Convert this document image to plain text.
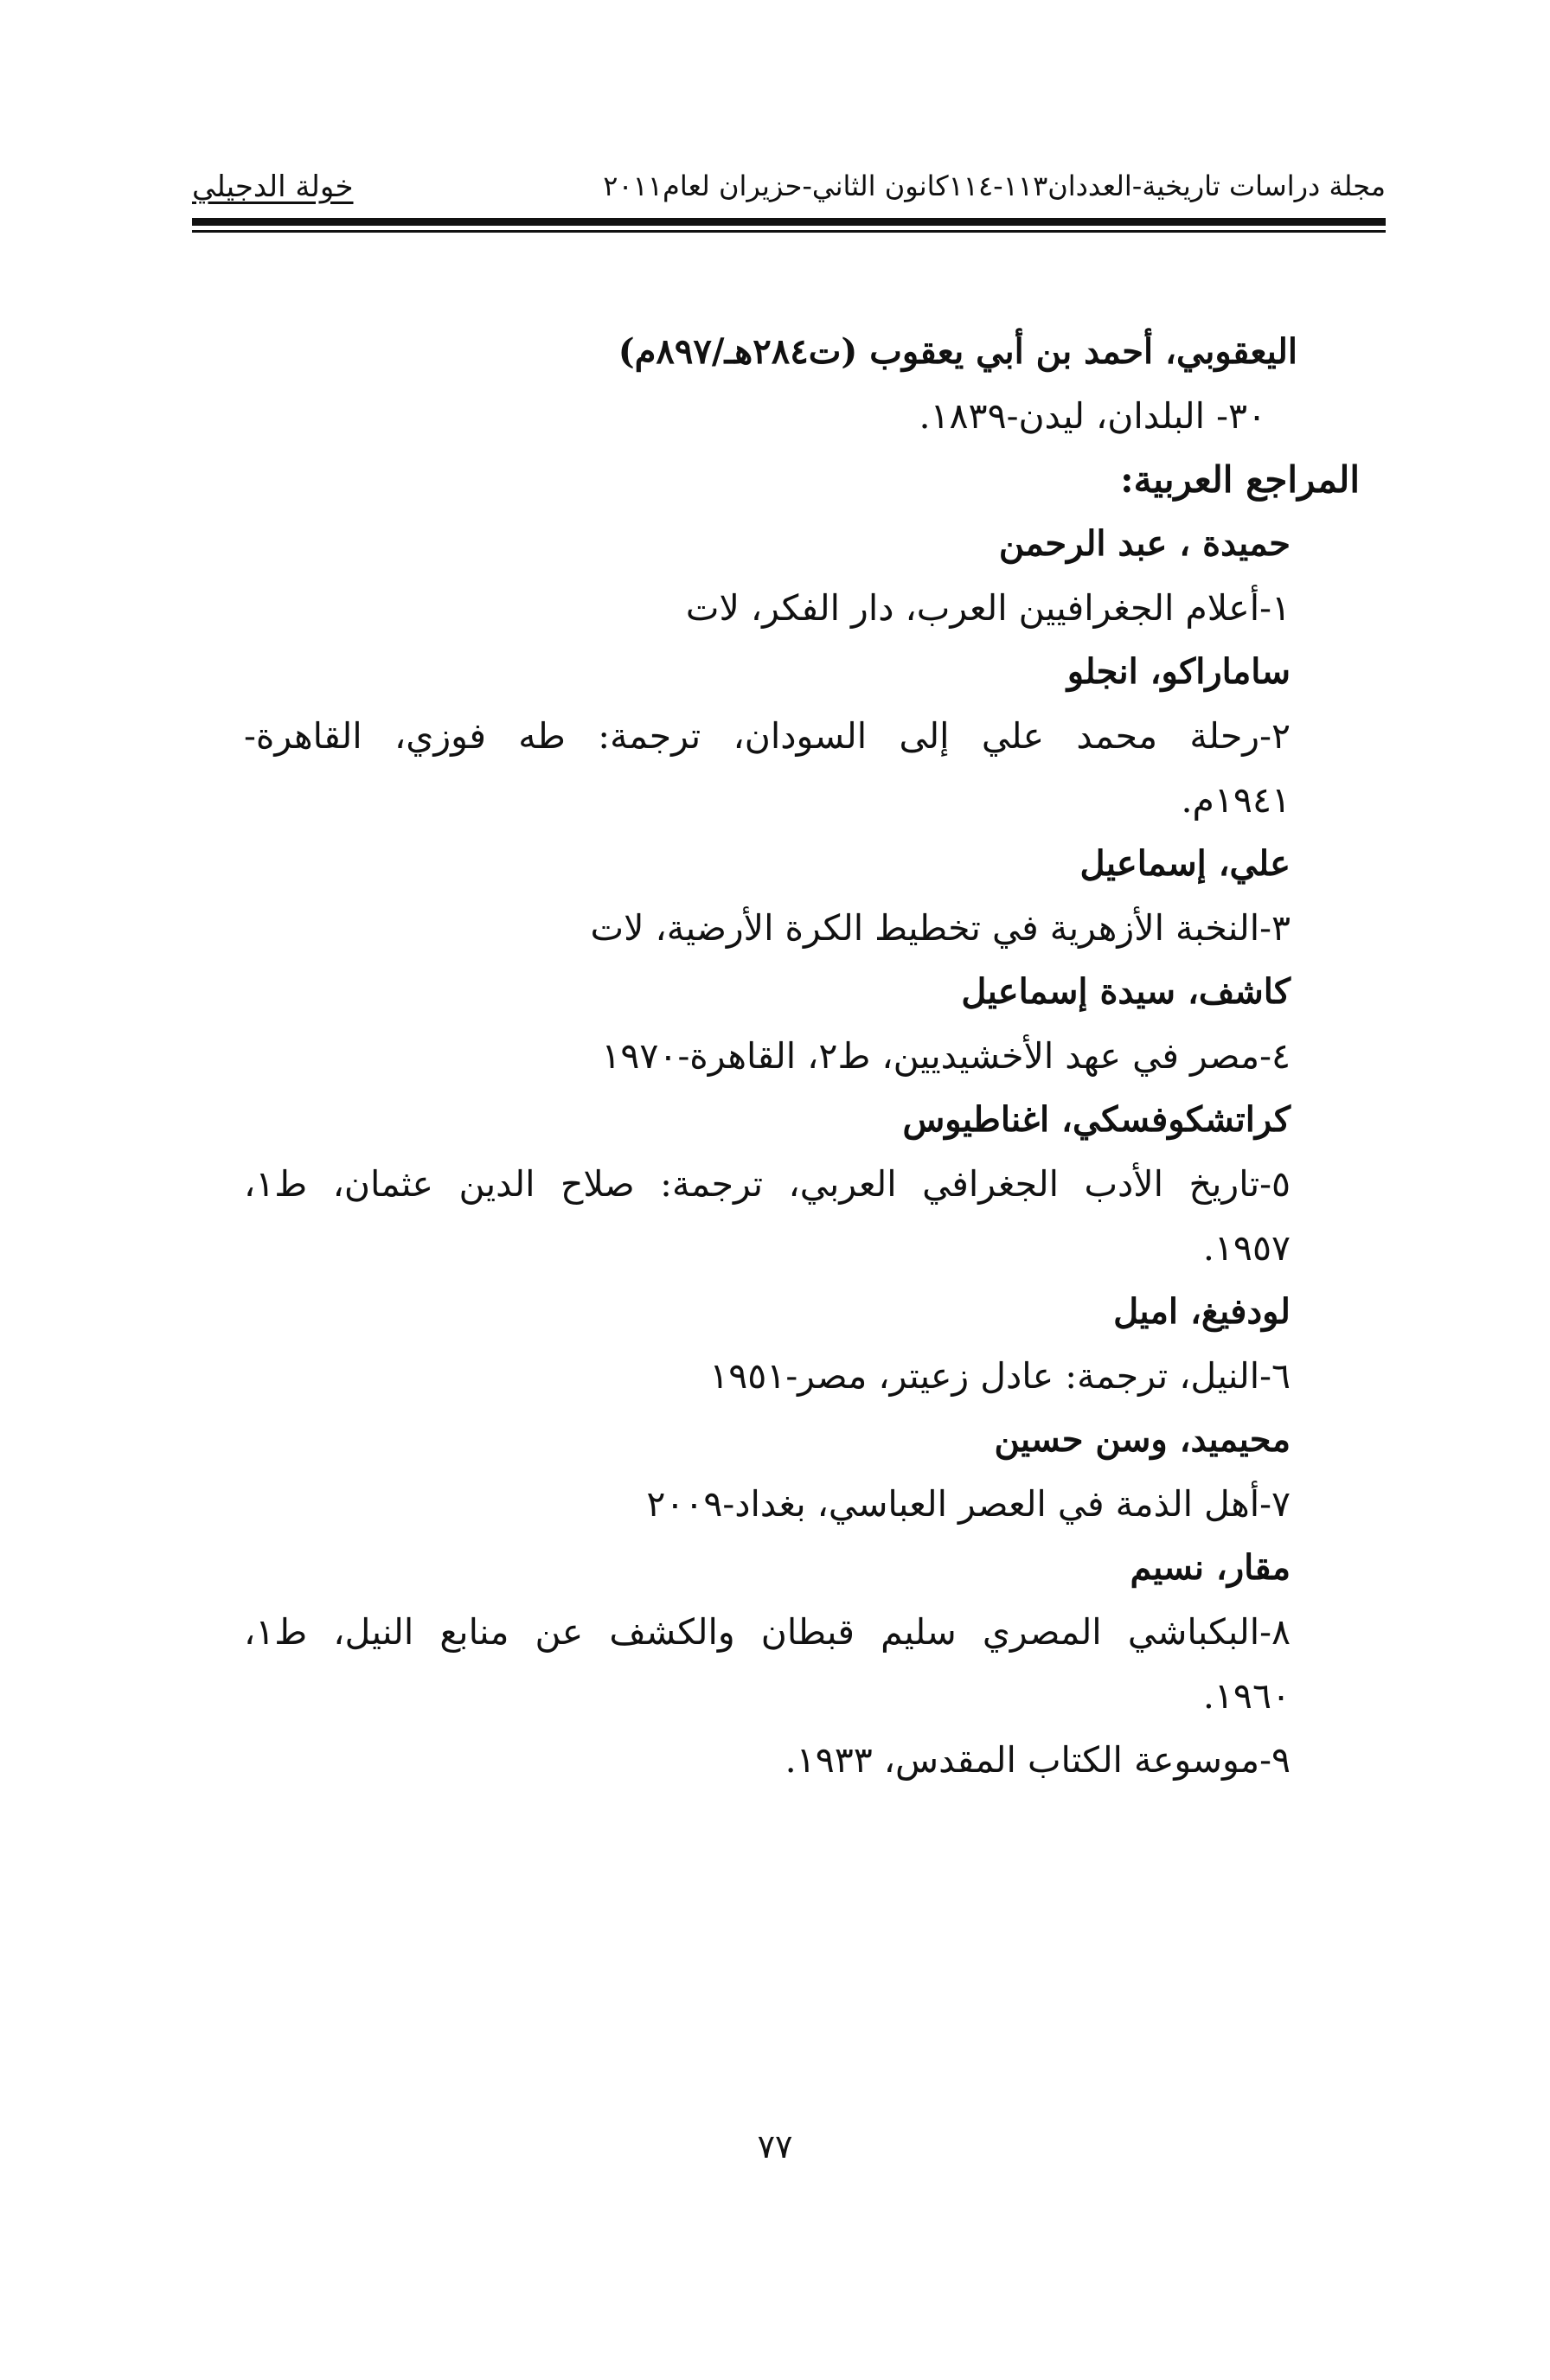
مجلة دراسات تاريخية-العددان١١٣-١١٤كانون الثاني-حزيران لعام٢٠١١
خولة الدجيلي
اليعقوبي، أحمد بن أبي يعقوب (ت٢٨٤هـ/٨٩٧م)
٣٠- البلدان، ليدن-١٨٣٩.
المراجع العربية:
حميدة ، عبد الرحمن
١-أعلام الجغرافيين العرب، دار الفكر، لات
ساماراكو، انجلو
٢-رحلة محمد علي إلى السودان، ترجمة: طه فوزي، القاهرة-
١٩٤١م.
علي، إسماعيل
٣-النخبة الأزهرية في تخطيط الكرة الأرضية، لات
كاشف، سيدة إسماعيل
٤-مصر في عهد الأخشيديين، ط٢، القاهرة-١٩٧٠
كراتشكوفسكي، اغناطيوس
٥-تاريخ الأدب الجغرافي العربي، ترجمة: صلاح الدين عثمان، ط١،
١٩٥٧.
لودفيغ، اميل
٦-النيل، ترجمة: عادل زعيتر، مصر-١٩٥١
محيميد، وسن حسين
٧-أهل الذمة في العصر العباسي، بغداد-٢٠٠٩
مقار، نسيم
٨-البكباشي المصري سليم قبطان والكشف عن منابع النيل، ط١،
١٩٦٠.
٩-موسوعة الكتاب المقدس، ١٩٣٣.
٧٧
